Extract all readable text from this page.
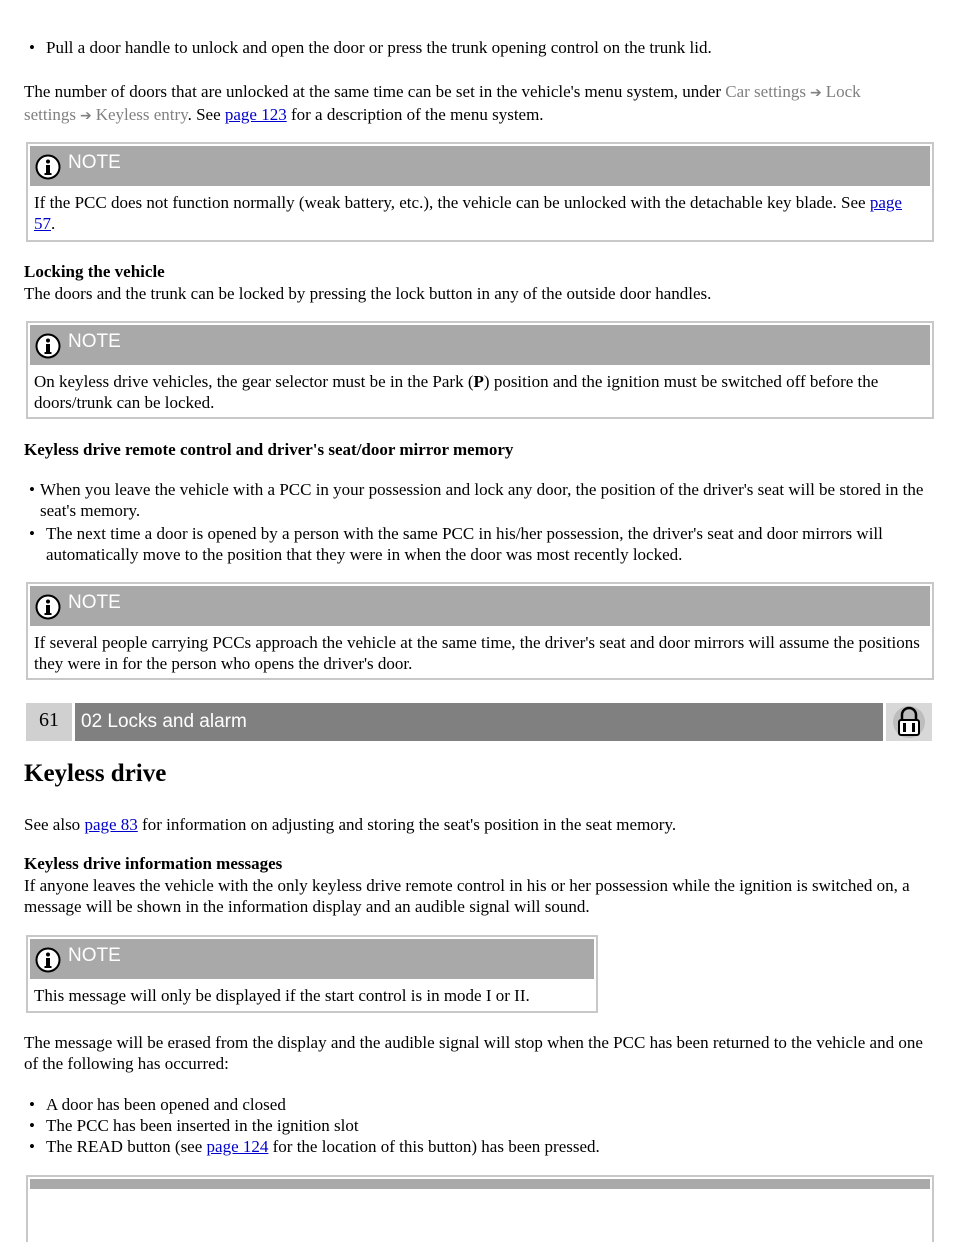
• Pull a door handle to unlock and open the door or press the trunk opening control on the trunk lid.

The number of doors that are unlocked at the same time can be set in the vehicle's menu system, under Car settings ➔ Lock settings ➔ Keyless entry. See page 123 for a description of the menu system.

NOTE
If the PCC does not function normally (weak battery, etc.), the vehicle can be unlocked with the detachable key blade. See page 57.

Locking the vehicle

The doors and the trunk can be locked by pressing the lock button in any of the outside door handles.

NOTE
On keyless drive vehicles, the gear selector must be in the Park (P) position and the ignition must be switched off before the doors/trunk can be locked.

Keyless drive remote control and driver's seat/door mirror memory

• When you leave the vehicle with a PCC in your possession and lock any door, the position of the driver's seat will be stored in the seat's memory.
• The next time a door is opened by a person with the same PCC in his/her possession, the driver's seat and door mirrors will automatically move to the position that they were in when the door was most recently locked.
NOTE
If several people carrying PCCs approach the vehicle at the same time, the driver's seat and door mirrors will assume the positions they were in for the person who opens the driver's door.
61	02 Locks and alarm

Keyless drive

See also page 83 for information on adjusting and storing the seat's position in the seat memory.

Keyless drive information messages

If anyone leaves the vehicle with the only keyless drive remote control in his or her possession while the ignition is switched on, a message will be shown in the information display and an audible signal will sound.

NOTE
This message will only be displayed if the start control is in mode I or II.

The message will be erased from the display and the audible signal will stop when the PCC has been returned to the vehicle and one of the following has occurred:

• A door has been opened and closed
• The PCC has been inserted in the ignition slot
• The READ button (see page 124 for the location of this button) has been pressed.
